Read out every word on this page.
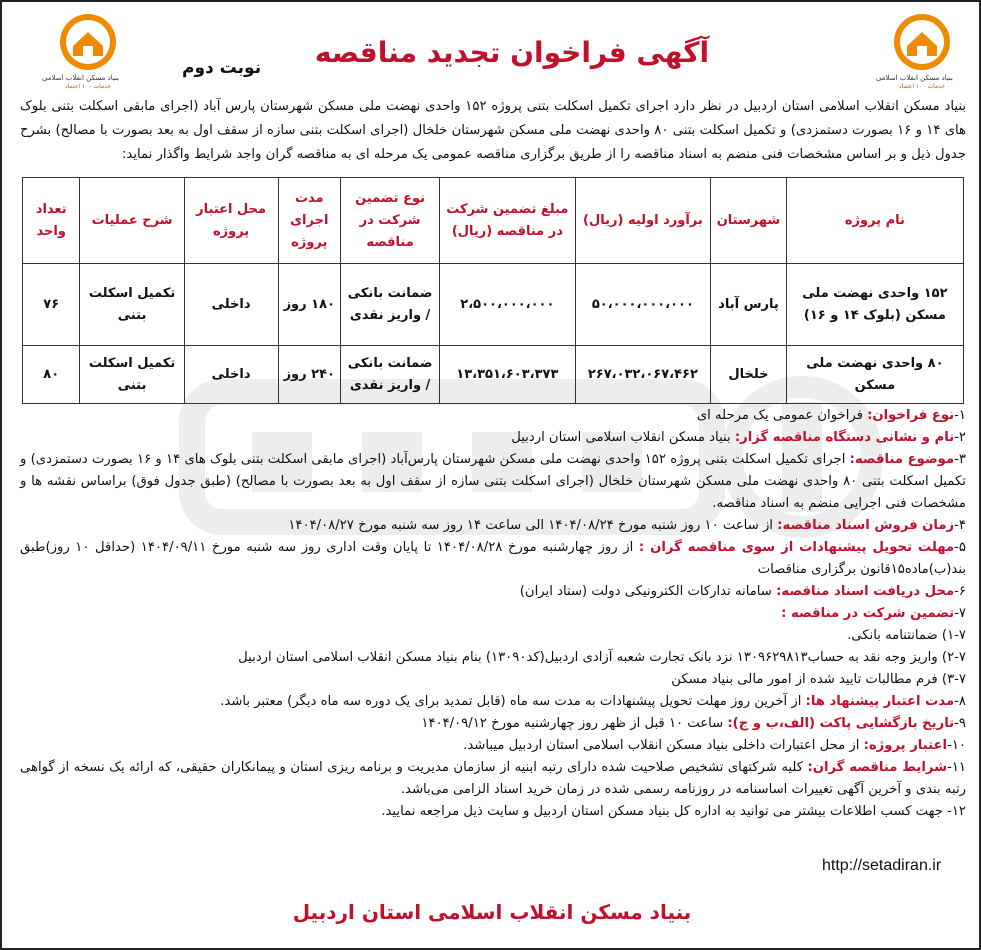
بنیاد مسکن انقلاب اسلامی
خدمات ۱۰۰ اعتماد
بنیاد مسکن انقلاب اسلامی
خدمات ۱۰۰ اعتماد
آگهی فراخوان تجدید مناقصه
نوبت دوم

بنیاد مسکن انقلاب اسلامی استان اردبیل در نظر دارد اجرای تکمیل اسکلت بتنی پروژه ۱۵۲ واحدی نهضت ملی مسکن شهرستان پارس آباد (اجرای مابقی اسکلت بتنی بلوک های ۱۴ و ۱۶ بصورت دستمزدی) و تکمیل اسکلت بتنی ۸۰ واحدی نهضت ملی مسکن شهرستان خلخال (اجرای اسکلت بتنی سازه از سقف اول به بعد بصورت با مصالح) بشرح جدول ذیل و بر اساس مشخصات فنی منضم به اسناد مناقصه را از طریق برگزاری مناقصه عمومی یک مرحله ای به مناقصه گران واجد شرایط واگذار نماید:

نام پروژه	شهرستان	برآورد اولیه (ریال)	مبلغ تضمین شرکت در مناقصه (ریال)	نوع تضمین شرکت در مناقصه	مدت اجرای پروژه	محل اعتبار پروژه	شرح عملیات	تعداد واحد
۱۵۲ واحدی نهضت ملی مسکن (بلوک ۱۴ و ۱۶)	پارس آباد	۵۰،۰۰۰،۰۰۰،۰۰۰	۲،۵۰۰،۰۰۰،۰۰۰	ضمانت بانکی / واریز نقدی	۱۸۰ روز	داخلی	تکمیل اسکلت بتنی	۷۶
۸۰ واحدی نهضت ملی مسکن	خلخال	۲۶۷،۰۳۲،۰۶۷،۴۶۲	۱۳،۳۵۱،۶۰۳،۳۷۳	ضمانت بانکی / واریز نقدی	۲۴۰ روز	داخلی	تکمیل اسکلت بتنی	۸۰

۱-نوع فراخوان: فراخوان عمومی یک مرحله ای

۲-نام و نشانی دستگاه مناقصه گزار: بنیاد مسکن انقلاب اسلامی استان اردبیل

۳-موضوع مناقصه: اجرای تکمیل اسکلت بتنی پروژه ۱۵۲ واحدی نهضت ملی مسکن شهرستان پارس‌آباد (اجرای مابقی اسکلت بتنی بلوک های ۱۴ و ۱۶ بصورت دستمزدی) و تکمیل اسکلت بتنی ۸۰ واحدی نهضت ملی مسکن شهرستان خلخال (اجرای اسکلت بتنی سازه از سقف اول به بعد بصورت با مصالح) (طبق جدول فوق) براساس نقشه ها و مشخصات فنی اجرایی منضم به اسناد مناقصه.

۴-زمان فروش اسناد مناقصه: از ساعت ۱۰ روز شنبه مورخ ۱۴۰۴/۰۸/۲۴ الی ساعت ۱۴ روز سه شنبه مورخ ۱۴۰۴/۰۸/۲۷

۵-مهلت تحویل پیشنهادات از سوی مناقصه گران : از روز چهارشنبه مورخ ۱۴۰۴/۰۸/۲۸ تا پایان وقت اداری روز سه شنبه مورخ ۱۴۰۴/۰۹/۱۱ (حداقل ۱۰ روز)طبق بند(ب)ماده۱۵قانون برگزاری مناقصات

۶-محل دریافت اسناد مناقصه: سامانه تدارکات الکترونیکی دولت (ستاد ایران)

۷-تضمین شرکت در مناقصه :

۱-۷) ضمانتنامه بانکی.

۲-۷) واریز وجه نقد به حساب۱۳۰۹۶۲۹۸۱۳ نزد بانک تجارت شعبه آزادی اردبیل(کد۱۳۰۹۰) بنام بنیاد مسکن انقلاب اسلامی استان اردبیل

۳-۷) فرم مطالبات تایید شده از امور مالی بنیاد مسکن

۸-مدت اعتبار پیشنهاد ها: از آخرین روز مهلت تحویل پیشنهادات به مدت سه ماه (قابل تمدید برای یک دوره سه ماه دیگر) معتبر باشد.

۹-تاریخ بازگشایی پاکت (الف،ب و ج): ساعت ۱۰ قبل از ظهر روز چهارشنبه مورخ ۱۴۰۴/۰۹/۱۲

۱۰-اعتبار پروژه: از محل اعتبارات داخلی بنیاد مسکن انقلاب اسلامی استان اردبیل میباشد.

۱۱-شرایط مناقصه گران: کلیه شرکتهای تشخیص صلاحیت شده دارای رتبه ابنیه از سازمان مدیریت و برنامه ریزی استان و پیمانکاران حقیقی، که ارائه یک نسخه از گواهی رتبه بندی و آخرین آگهی تغییرات اساسنامه در روزنامه رسمی شده در زمان خرید اسناد الزامی می‌باشد.

۱۲- جهت کسب اطلاعات بیشتر می توانید به اداره کل بنیاد مسکن استان اردبیل و سایت ذیل مراجعه نمایید.

http://setadiran.ir
بنیاد مسکن انقلاب اسلامی استان اردبیل
